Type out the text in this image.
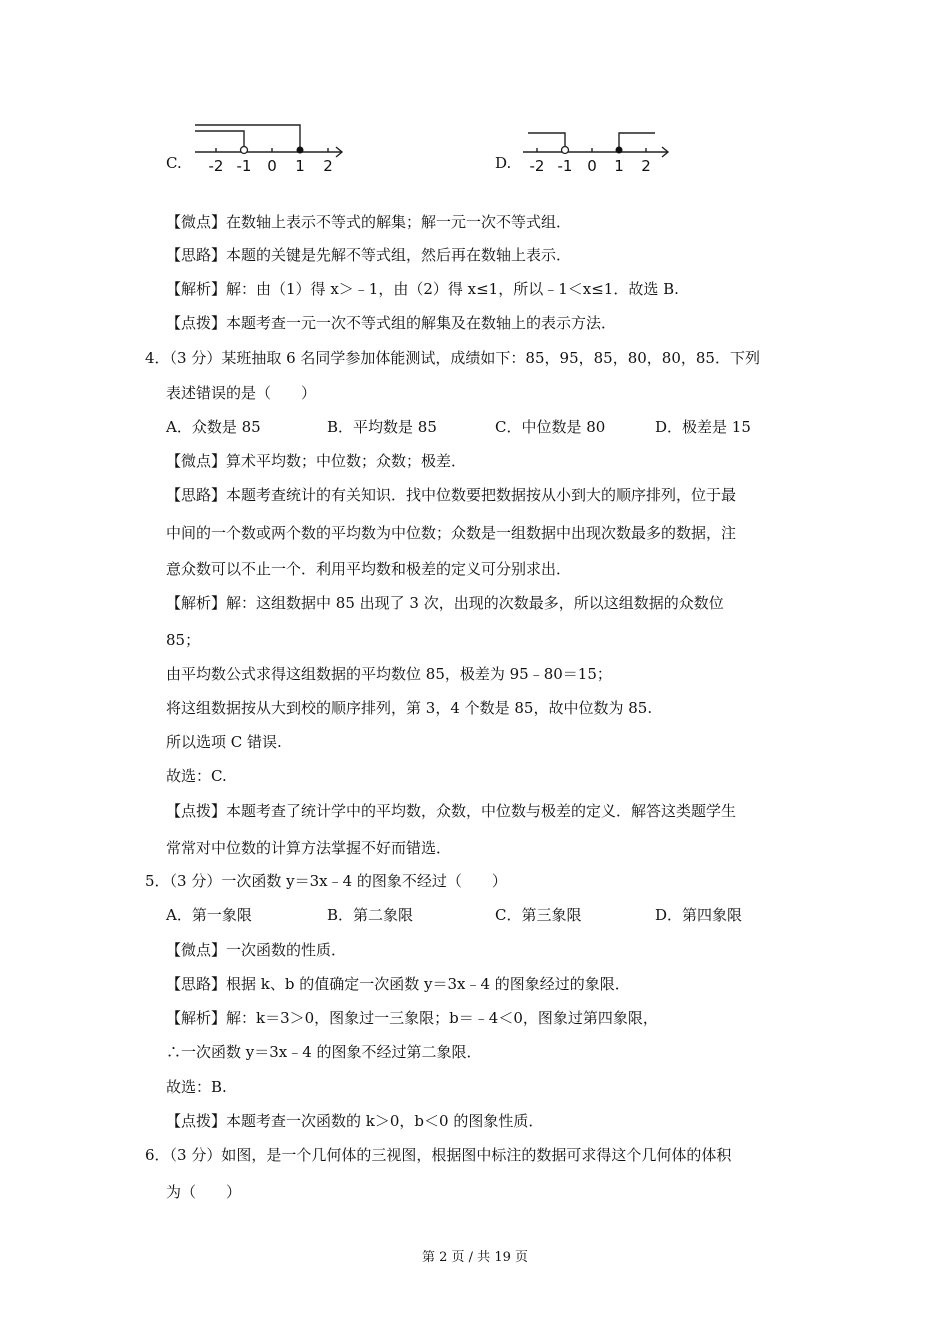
C. -2 -1 0 1 2	D. -2 -1 0 1 2
【微点】在数轴上表示不等式的解集；解一元一次不等式组．
【思路】本题的关键是先解不等式组，然后再在数轴上表示．
【解析】解：由（1）得 x＞﹣1，由（2）得 x≤1，所以﹣1＜x≤1．故选 B.
【点拨】本题考查一元一次不等式组的解集及在数轴上的表示方法．
4．（3 分）某班抽取 6 名同学参加体能测试，成绩如下：85，95，85，80，80，85．下列
表述错误的是（　　）
A．众数是 85	B．平均数是 85	C．中位数是 80	D．极差是 15
【微点】算术平均数；中位数；众数；极差．
【思路】本题考查统计的有关知识．找中位数要把数据按从小到大的顺序排列，位于最
中间的一个数或两个数的平均数为中位数；众数是一组数据中出现次数最多的数据，注
意众数可以不止一个．利用平均数和极差的定义可分别求出．
【解析】解：这组数据中 85 出现了 3 次，出现的次数最多，所以这组数据的众数位
85；
由平均数公式求得这组数据的平均数位 85，极差为 95﹣80＝15；
将这组数据按从大到校的顺序排列，第 3，4 个数是 85，故中位数为 85.
所以选项 C 错误.
故选：C.
【点拨】本题考查了统计学中的平均数，众数，中位数与极差的定义．解答这类题学生
常常对中位数的计算方法掌握不好而错选．
5．（3 分）一次函数 y＝3x﹣4 的图象不经过（　　）
A．第一象限	B．第二象限	C．第三象限	D．第四象限
【微点】一次函数的性质．
【思路】根据 k、b 的值确定一次函数 y＝3x﹣4 的图象经过的象限．
【解析】解：k＝3＞0，图象过一三象限；b＝﹣4＜0，图象过第四象限，
∴一次函数 y＝3x﹣4 的图象不经过第二象限．
故选：B.
【点拨】本题考查一次函数的 k＞0，b＜0 的图象性质．
6．（3 分）如图，是一个几何体的三视图，根据图中标注的数据可求得这个几何体的体积
为（　　）
第 2 页 / 共 19 页
